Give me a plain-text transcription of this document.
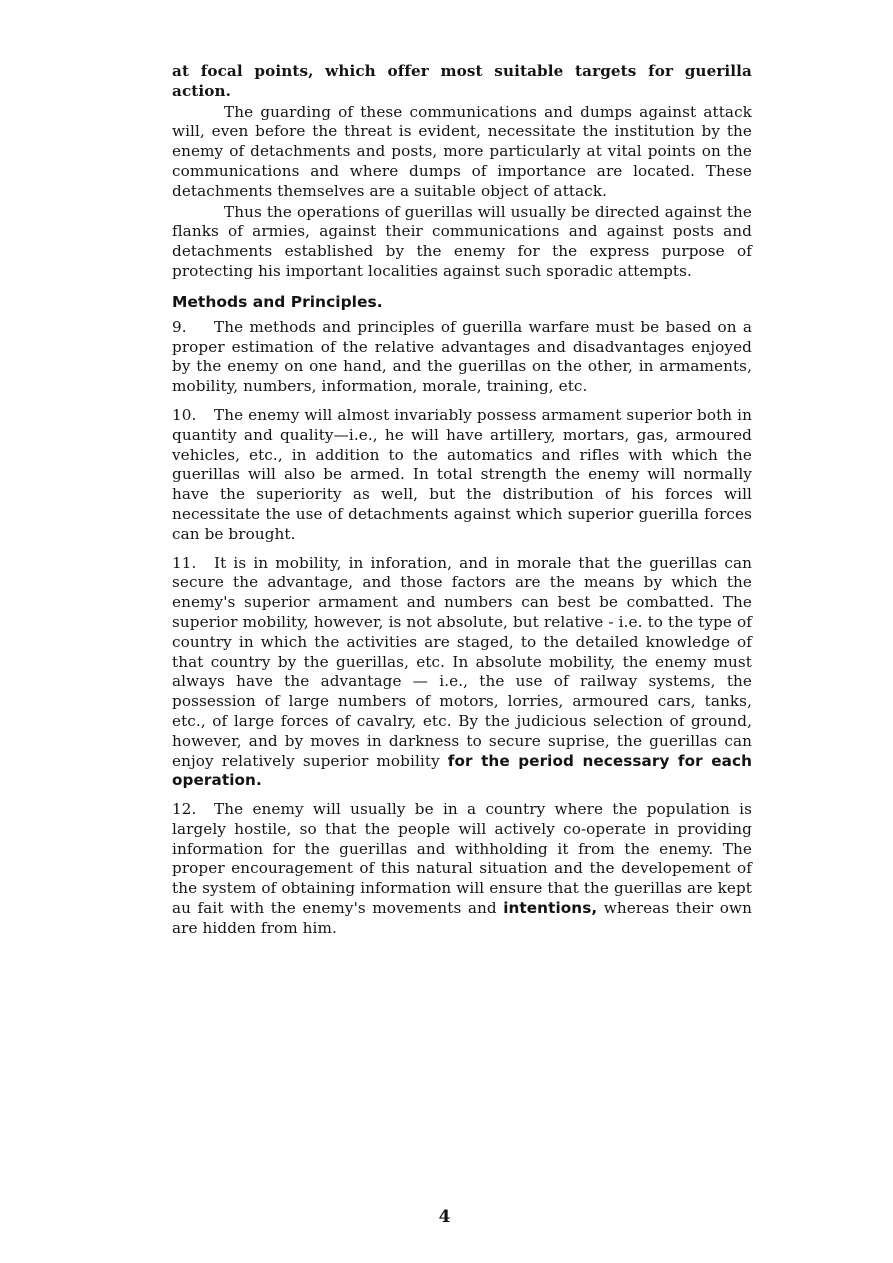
at focal points, which offer most suitable targets for guerilla action.

The guarding of these communications and dumps against attack will, even before the threat is evident, necessitate the institution by the enemy of detachments and posts, more particularly at vital points on the communications and where dumps of importance are located. These detachments themselves are a suitable object of attack.

Thus the operations of guerillas will usually be directed against the flanks of armies, against their communications and against posts and detachments established by the enemy for the express purpose of protecting his important localities against such sporadic attempts.

Methods and Principles.

9. The methods and principles of guerilla warfare must be based on a proper estimation of the relative advantages and disadvantages enjoyed by the enemy on one hand, and the guerillas on the other, in armaments, mobility, numbers, information, morale, training, etc.

10. The enemy will almost invariably possess armament superior both in quantity and quality—i.e., he will have artillery, mortars, gas, armoured vehicles, etc., in addition to the automatics and rifles with which the guerillas will also be armed. In total strength the enemy will normally have the superiority as well, but the distribution of his forces will necessitate the use of detachments against which superior guerilla forces can be brought.

11. It is in mobility, in inforation, and in morale that the guerillas can secure the advantage, and those factors are the means by which the enemy's superior armament and numbers can best be combatted. The superior mobility, however, is not absolute, but relative - i.e. to the type of country in which the activities are staged, to the detailed knowledge of that country by the guerillas, etc. In absolute mobility, the enemy must always have the advantage — i.e., the use of railway systems, the possession of large numbers of motors, lorries, armoured cars, tanks, etc., of large forces of cavalry, etc. By the judicious selection of ground, however, and by moves in darkness to secure suprise, the guerillas can enjoy relatively superior mobility for the period necessary for each operation.

12. The enemy will usually be in a country where the population is largely hostile, so that the people will actively co-operate in providing information for the guerillas and withholding it from the enemy. The proper encouragement of this natural situation and the developement of the system of obtaining information will ensure that the guerillas are kept au fait with the enemy's movements and intentions, whereas their own are hidden from him.

4
